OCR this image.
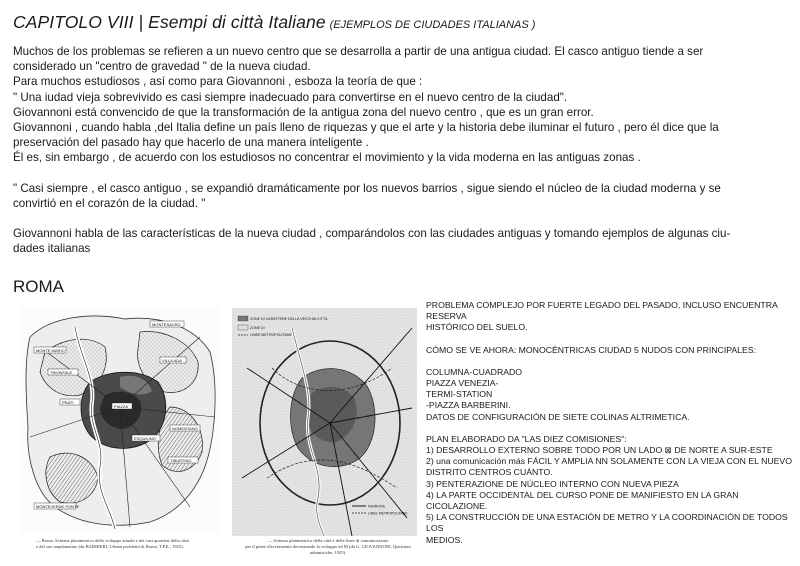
CAPITOLO VIII | Esempi di città Italiane (EJEMPLOS DE CIUDADES ITALIANAS )

Muchos de los problemas se refieren a un nuevo centro que se desarrolla a partir de una antigua ciudad. El casco antiguo tiende a ser

considerado un "centro de gravedad " de la nueva ciudad.

Para muchos estudiosos , así como para Giovannoni , esboza la teoría de que :

" Una iudad vieja sobrevivido es casi siempre inadecuado para convertirse en el nuevo centro de la ciudad".

Giovannoni está convencido de que la transformación de la antigua zona del nuevo centro , que es un gran error.

Giovannoni , cuando habla ,del Italia define un país lleno de riquezas y que el arte y la historia debe iluminar el futuro , pero él dice que la

preservación del pasado hay que hacerlo de una manera inteligente .

Él es, sin embargo , de acuerdo con los estudiosos no concentrar el movimiento y la vida moderna en las antiguas zonas .

" Casi siempre , el casco antiguo , se expandió dramáticamente por los nuevos barrios , sigue siendo el núcleo de la ciudad moderna y se

convirtió en el corazón de la ciudad. "

Giovannoni habla de las características de la nueva ciudad , comparándolos con las ciudades antiguas y tomando ejemplos de algunas ciu-

dades italianas

ROMA
MONTESACRO
MONTEVERDE PONTE
VILLA ADA
PIAZZA
NOMENTANO
TIBURTINO
ESQUILINO
PRATI
TRIONFALE
MONTE MARIO
— Roma. Schema planimetrico dello sviluppo attuale e dei vari quartieri della città
e del suo ampliamento (da BARBIERI, Urbani problemi di Roma, T.P.E., 1925).
ZONE DI CARATTERE DELLA VECCHIA CITTÀ
ZONE DI
LINEE METROPOLITANE
FERROVIE
LINEE METROPOLITANE
— Schema planimetrico della città e delle linee di comunicazione
per il piano d'avviamento decentrando lo sviluppo ed M (da G. GIOVANNONI, Questioni urbanistiche, 1925).

PROBLEMA COMPLEJO POR FUERTE LEGADO DEL PASADO, INCLUSO ENCUENTRA RESERVA

HISTÓRICO DEL SUELO.

CÓMO SE VE AHORA: MONOCÉNTRICAS CIUDAD 5 NUDOS CON PRINCIPALES:

COLUMNA-CUADRADO

PIAZZA VENEZIA-

TERMI-STATION

-PIAZZA BARBERINI.

DATOS DE CONFIGURACIÓN DE SIETE COLINAS ALTRIMETICA.

PLAN ELABORADO DA "LAS DIEZ COMISIONES":

1) DESARROLLO EXTERNO SOBRE TODO POR UN LADO ⊠ DE NORTE A SUR-ESTE

2) una comunicación más FÁCIL Y AMPLIA NN SOLAMENTE CON LA VIEJA CON EL NUEVO

DISTRITO CENTROS CUÁNTO.

3) PENTERAZIONE DE NÚCLEO INTERNO CON NUEVA PIEZA

4) LA PARTE OCCIDENTAL DEL CURSO PONE DE MANIFIESTO EN LA GRAN CICOLAZIONE.

5) LA CONSTRUCCIÓN DE UNA ESTACIÓN DE METRO Y LA COORDINACIÓN DE TODOS LOS

MEDIOS.
